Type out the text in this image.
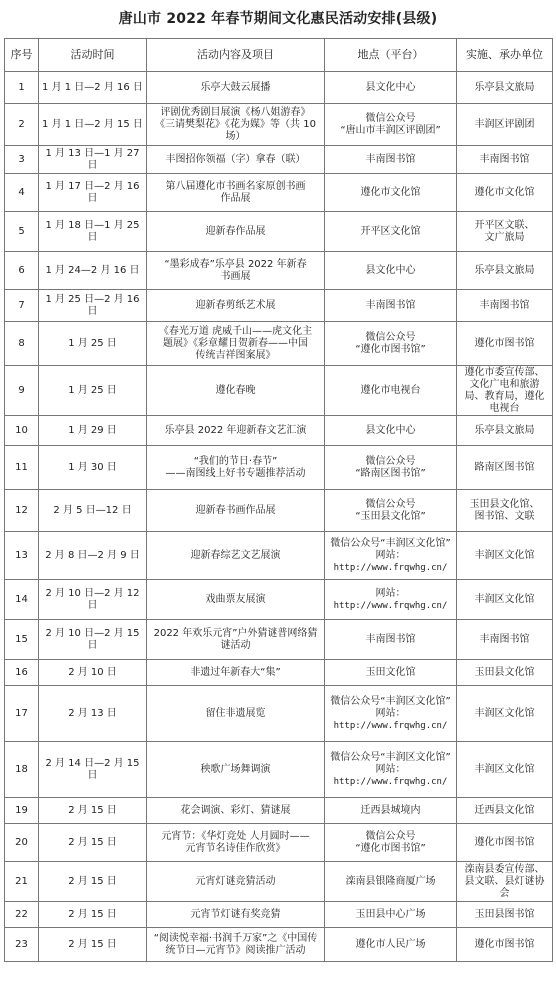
唐山市 2022 年春节期间文化惠民活动安排(县级)
序号	活动时间	活动内容及项目	地点（平台）	实施、承办单位
1	1 月 1 日—2 月 16 日	乐亭大鼓云展播	县文化中心	乐亭县文旅局

2	1 月 1 日—2 月 15 日	评剧优秀剧目展演《杨八姐游春》
《三请樊梨花》《花为媒》等（共 10
场）	微信公众号
“唐山市丰润区评剧团”	丰润区评剧团

3	1 月 13 日—1 月 27
日	丰图招你领福（字）拿春（联）	丰南图书馆	丰南图书馆

4	1 月 17 日—2 月 16
日	第八届遵化市书画名家原创书画
作品展	遵化市文化馆	遵化市文化馆

5	1 月 18 日—1 月 25
日	迎新春作品展	开平区文化馆	开平区文联、
文广旅局

6	1 月 24—2 月 16 日	“墨彩成春”乐亭县 2022 年新春
书画展	县文化中心	乐亭县文旅局

7	1 月 25 日—2 月 16
日	迎新春剪纸艺术展	丰南图书馆	丰南图书馆

8	1 月 25 日	《春光万道 虎威千山——虎文化主
题展》《彩章耀日贺新春——中国
传统吉祥图案展》	微信公众号
“遵化市图书馆”	遵化市图书馆

9	1 月 25 日	遵化春晚	遵化市电视台	遵化市委宣传部、
文化广电和旅游
局、教育局，遵化
电视台

10	1 月 29 日	乐亭县 2022 年迎新春文艺汇演	县文化中心	乐亭县文旅局

11	1 月 30 日	“我们的节日·春节”
——南图线上好书专题推荐活动	微信公众号
“路南区图书馆”	路南区图书馆

12	2 月 5 日—12 日	迎新春书画作品展	微信公众号
“玉田县文化馆”	玉田县文化馆、
图书馆、文联

13	2 月 8 日—2 月 9 日	迎新春综艺文艺展演	微信公众号“丰润区文化馆”
网站：
http://www.frqwhg.cn/	丰润区文化馆

14	2 月 10 日—2 月 12
日	戏曲票友展演	网站：
http://www.frqwhg.cn/	丰润区文化馆

15	2 月 10 日—2 月 15
日	2022 年欢乐元宵”户外猜谜普网络猜
谜活动	丰南图书馆	丰南图书馆

16	2 月 10 日	非遗过年新春大“集”	玉田文化馆	玉田县文化馆

17	2 月 13 日	留住非遗展览	微信公众号“丰润区文化馆”
网站：
http://www.frqwhg.cn/	丰润区文化馆

18	2 月 14 日—2 月 15
日	秧歌广场舞调演	微信公众号“丰润区文化馆”
网站：
http://www.frqwhg.cn/	丰润区文化馆

19	2 月 15 日	花会调演、彩灯、猜谜展	迁西县城境内	迁西县文化馆

20	2 月 15 日	元宵节：《华灯竞处 人月圆时——
元宵节名诗佳作欣赏》	微信公众号
“遵化市图书馆”	遵化市图书馆

21	2 月 15 日	元宵灯谜竞猜活动	滦南县银隆商厦广场	滦南县委宣传部、
县文联、县灯谜协
会

22	2 月 15 日	元宵节灯谜有奖竞猜	玉田县中心广场	玉田县图书馆

23	2 月 15 日	“阅读悦幸福·书润千万家”之《中国传
统节日—元宵节》阅读推广活动	遵化市人民广场	遵化市图书馆
